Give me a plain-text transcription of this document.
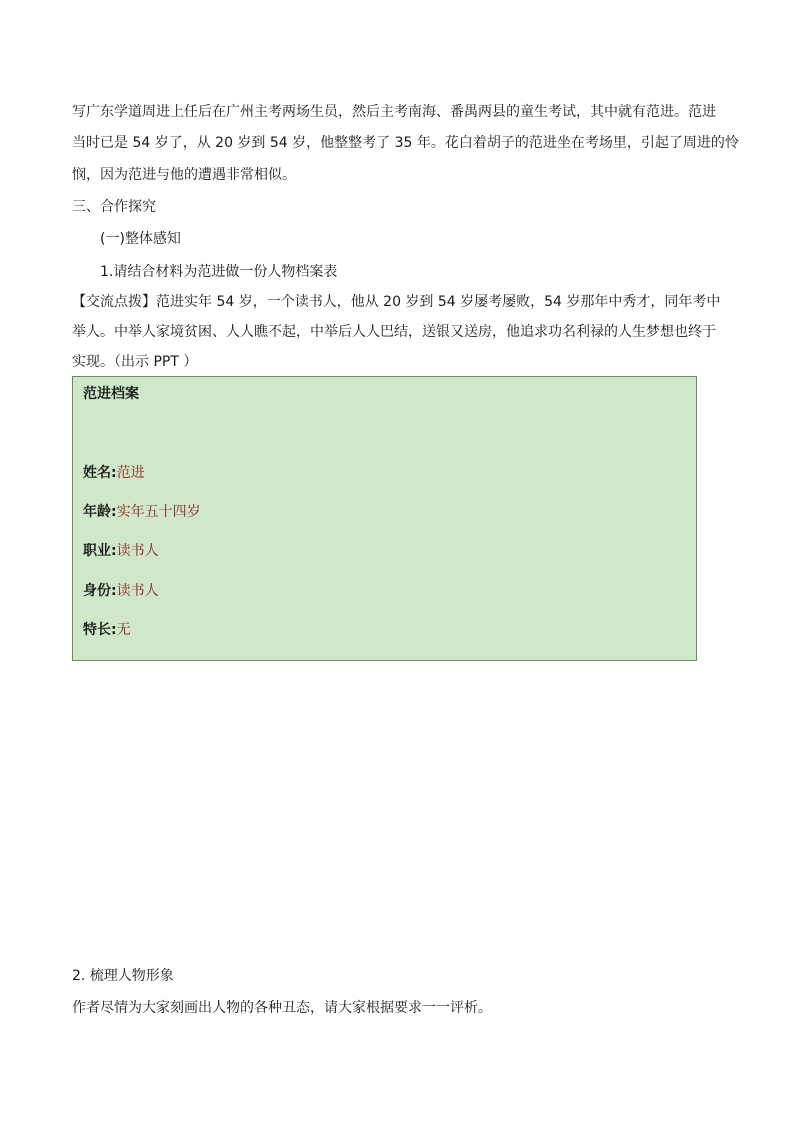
写广东学道周进上任后在广州主考两场生员，然后主考南海、番禺两县的童生考试，其中就有范进。范进
当时已是 54 岁了，从 20 岁到 54 岁，他整整考了 35 年。花白着胡子的范进坐在考场里，引起了周进的怜
悯，因为范进与他的遭遇非常相似。
三、合作探究
(一)整体感知
1.请结合材料为范进做一份人物档案表
【交流点拨】范进实年 54 岁，一个读书人，他从 20 岁到 54 岁屡考屡败，54 岁那年中秀才，同年考中
举人。中举人家境贫困、人人瞧不起，中举后人人巴结，送银又送房，他追求功名利禄的人生梦想也终于
实现。（出示 PPT ）
范进档案
姓名:范进
年龄:实年五十四岁
职业:读书人
身份:读书人
特长:无
2. 梳理人物形象
作者尽情为大家刻画出人物的各种丑态，请大家根据要求一一评析。
